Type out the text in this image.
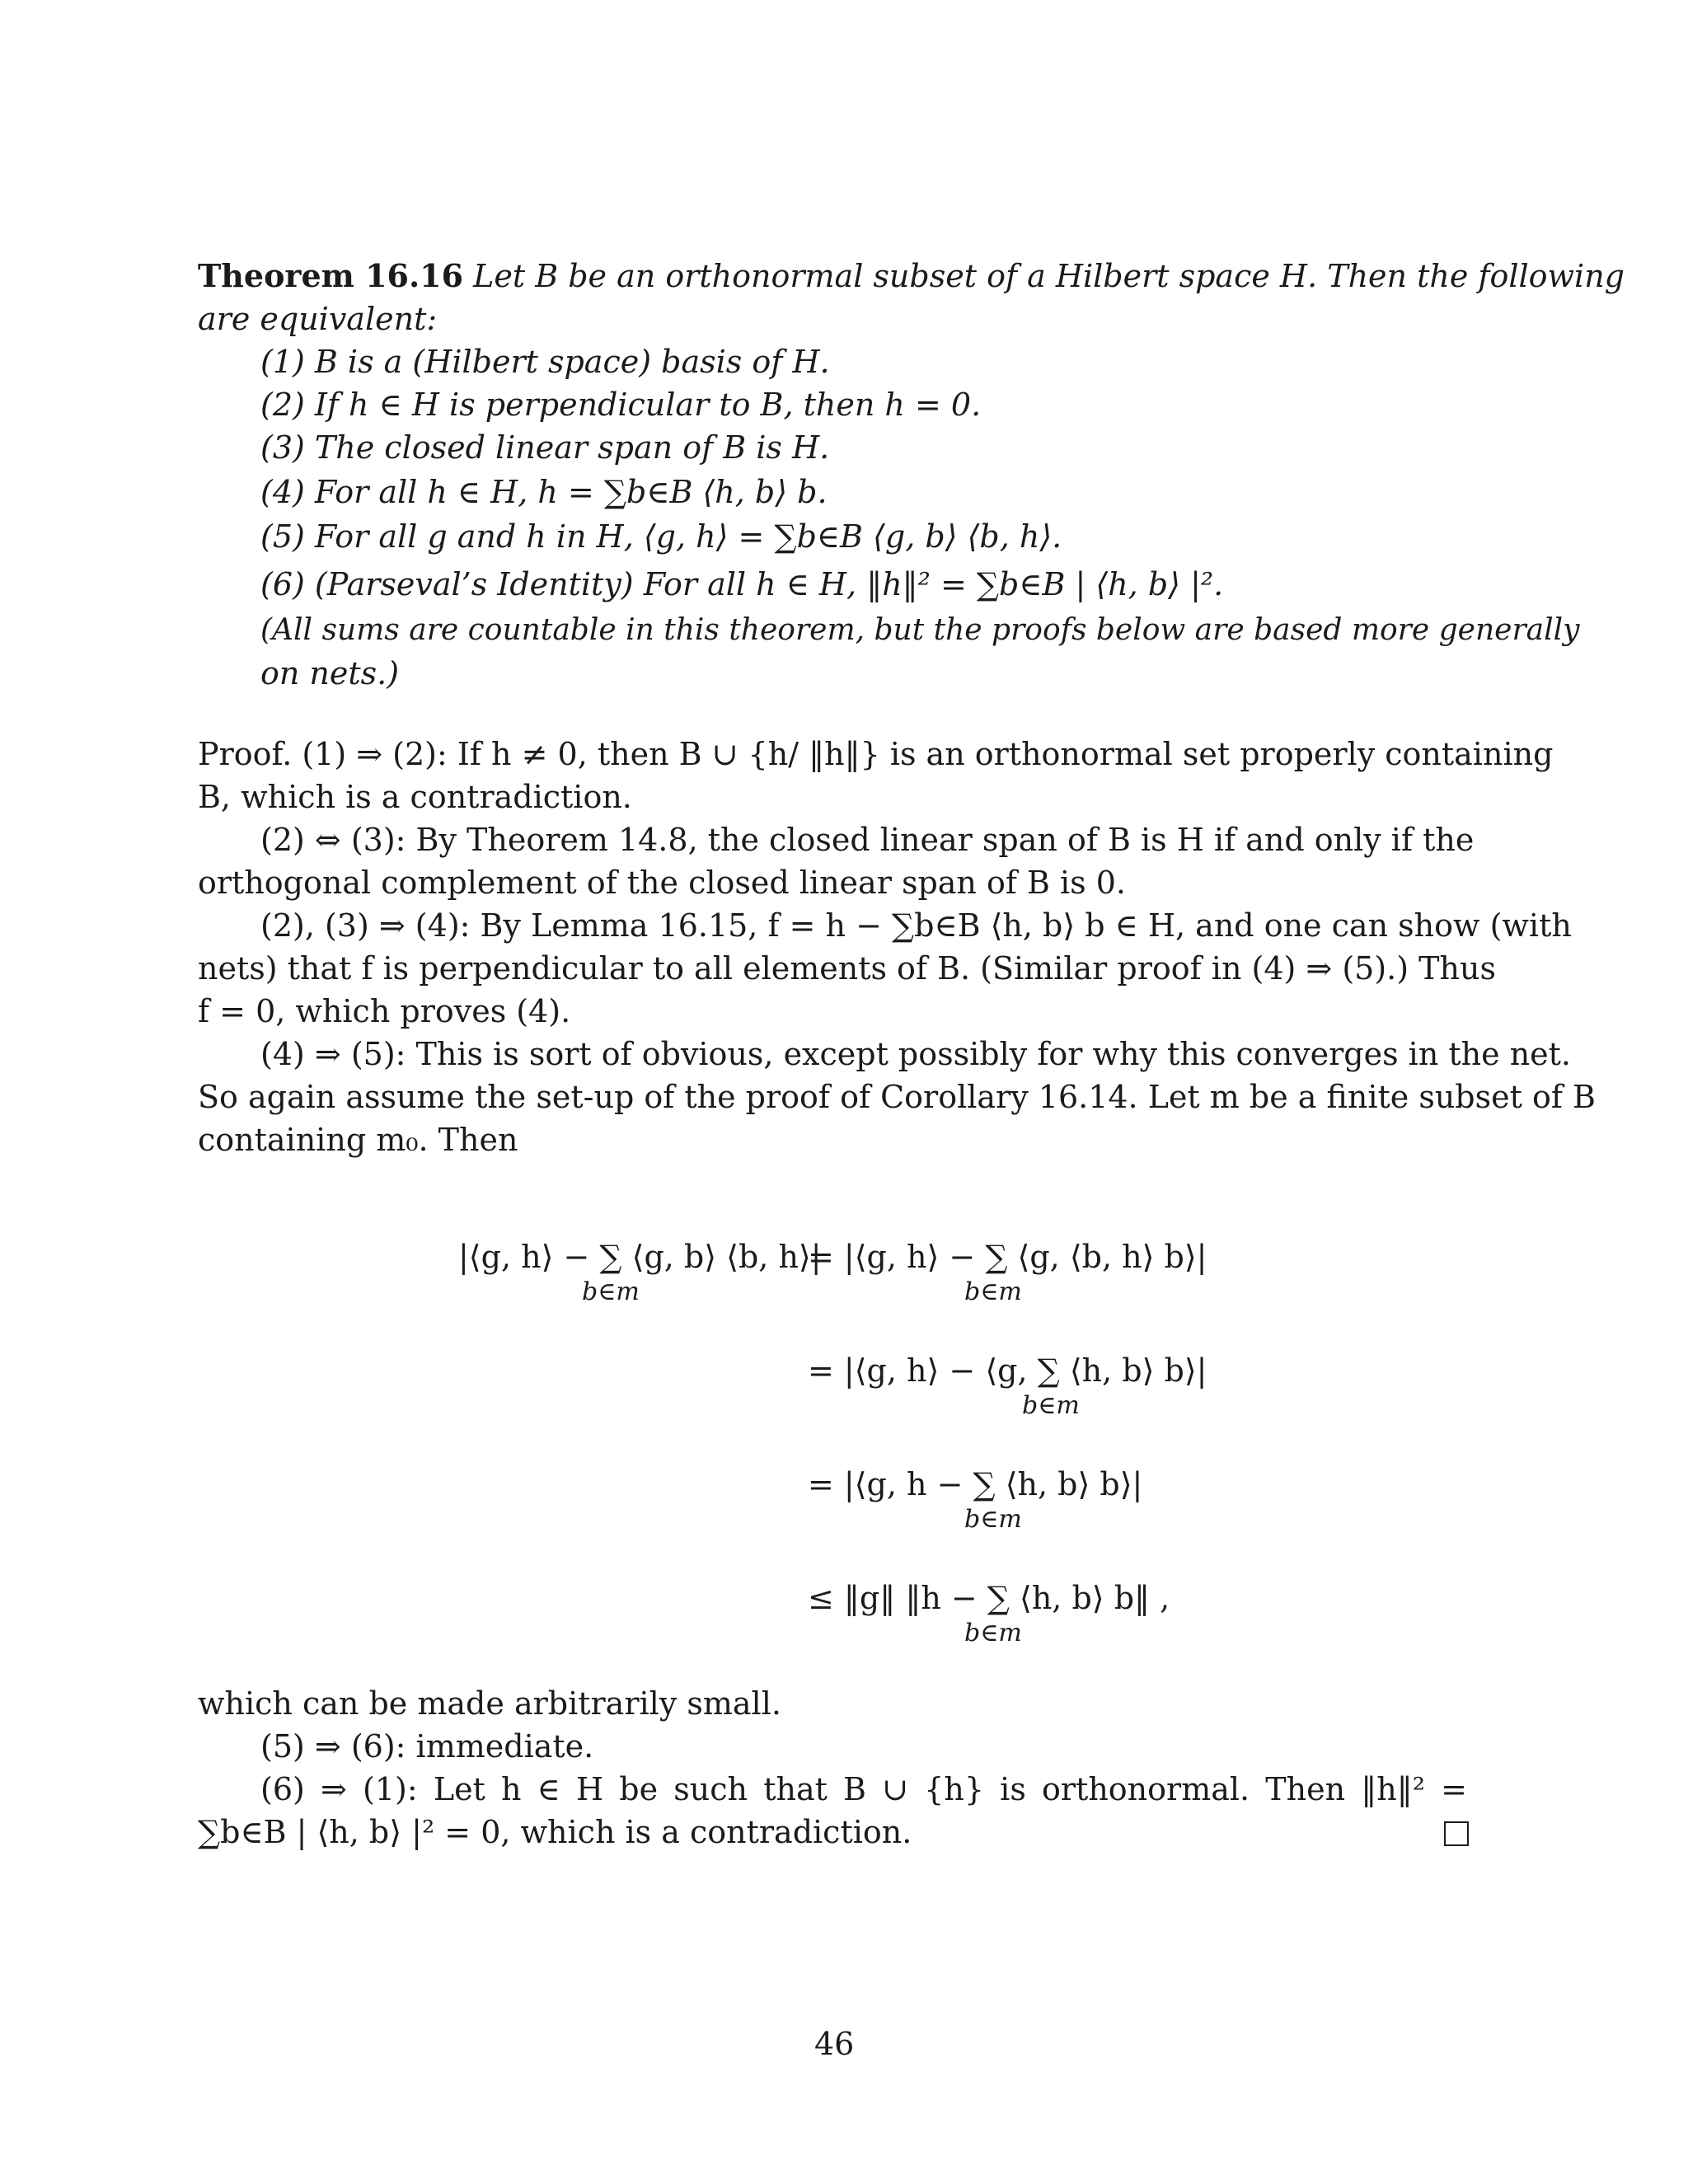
Theorem 16.16 Let B be an orthonormal subset of a Hilbert space H. Then the following
are equivalent:
(1) B is a (Hilbert space) basis of H.
(2) If h ∈ H is perpendicular to B, then h = 0.
(3) The closed linear span of B is H.
(4) For all h ∈ H, h = ∑b∈B ⟨h, b⟩ b.
(5) For all g and h in H, ⟨g, h⟩ = ∑b∈B ⟨g, b⟩ ⟨b, h⟩.
(6) (Parseval’s Identity) For all h ∈ H, ‖h‖² = ∑b∈B | ⟨h, b⟩ |².
(All sums are countable in this theorem, but the proofs below are based more generally
on nets.)
Proof. (1) ⇒ (2): If h ≠ 0, then B ∪ {h/ ‖h‖} is an orthonormal set properly containing
B, which is a contradiction.
(2) ⇔ (3): By Theorem 14.8, the closed linear span of B is H if and only if the
orthogonal complement of the closed linear span of B is 0.
(2), (3) ⇒ (4): By Lemma 16.15, f = h − ∑b∈B ⟨h, b⟩ b ∈ H, and one can show (with
nets) that f is perpendicular to all elements of B. (Similar proof in (4) ⇒ (5).) Thus
f = 0, which proves (4).
(4) ⇒ (5): This is sort of obvious, except possibly for why this converges in the net.
So again assume the set-up of the proof of Corollary 16.14. Let m be a finite subset of B
containing m₀. Then
|⟨g, h⟩ − ∑ ⟨g, b⟩ ⟨b, h⟩|
b∈m
= |⟨g, h⟩ − ∑ ⟨g, ⟨b, h⟩ b⟩|
b∈m
= |⟨g, h⟩ − ⟨g, ∑ ⟨h, b⟩ b⟩|
b∈m
= |⟨g, h − ∑ ⟨h, b⟩ b⟩|
b∈m
≤ ‖g‖ ‖h − ∑ ⟨h, b⟩ b‖ ,
b∈m
which can be made arbitrarily small.
(5) ⇒ (6): immediate.
(6) ⇒ (1): Let h ∈ H be such that B ∪ {h} is orthonormal. Then ‖h‖² =
∑b∈B | ⟨h, b⟩ |² = 0, which is a contradiction.
46
